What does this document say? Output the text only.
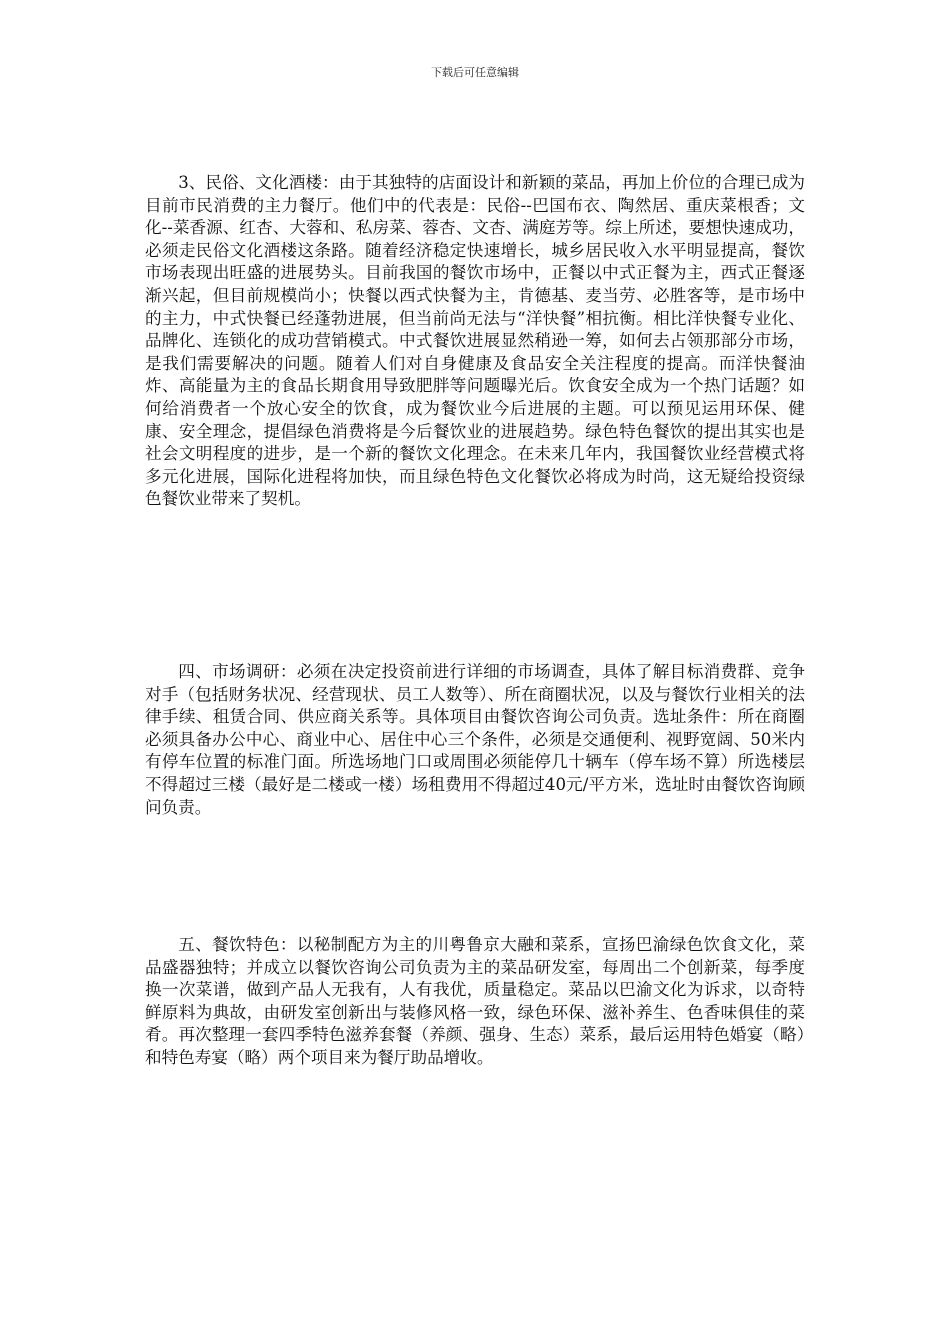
下载后可任意编辑

3、民俗、文化酒楼：由于其独特的店面设计和新颖的菜品，再加上价位的合理已成为目前市民消费的主力餐厅。他们中的代表是：民俗--巴国布衣、陶然居、重庆菜根香；文化--菜香源、红杏、大蓉和、私房菜、蓉杏、文杏、满庭芳等。综上所述，要想快速成功，必须走民俗文化酒楼这条路。随着经济稳定快速增长，城乡居民收入水平明显提高，餐饮市场表现出旺盛的进展势头。目前我国的餐饮市场中，正餐以中式正餐为主，西式正餐逐渐兴起，但目前规模尚小；快餐以西式快餐为主，肯德基、麦当劳、必胜客等，是市场中的主力，中式快餐已经蓬勃进展，但当前尚无法与“洋快餐”相抗衡。相比洋快餐专业化、品牌化、连锁化的成功营销模式。中式餐饮进展显然稍逊一筹，如何去占领那部分市场，是我们需要解决的问题。随着人们对自身健康及食品安全关注程度的提高。而洋快餐油炸、高能量为主的食品长期食用导致肥胖等问题曝光后。饮食安全成为一个热门话题？如何给消费者一个放心安全的饮食，成为餐饮业今后进展的主题。可以预见运用环保、健康、安全理念，提倡绿色消费将是今后餐饮业的进展趋势。绿色特色餐饮的提出其实也是社会文明程度的进步，是一个新的餐饮文化理念。在未来几年内，我国餐饮业经营模式将多元化进展，国际化进程将加快，而且绿色特色文化餐饮必将成为时尚，这无疑给投资绿色餐饮业带来了契机。

四、市场调研：必须在决定投资前进行详细的市场调查，具体了解目标消费群、竞争对手（包括财务状况、经营现状、员工人数等）、所在商圈状况，以及与餐饮行业相关的法律手续、租赁合同、供应商关系等。具体项目由餐饮咨询公司负责。选址条件：所在商圈必须具备办公中心、商业中心、居住中心三个条件，必须是交通便利、视野宽阔、50米内有停车位置的标准门面。所选场地门口或周围必须能停几十辆车（停车场不算）所选楼层不得超过三楼（最好是二楼或一楼）场租费用不得超过40元/平方米，选址时由餐饮咨询顾问负责。

五、餐饮特色：以秘制配方为主的川粤鲁京大融和菜系，宣扬巴渝绿色饮食文化，菜品盛器独特；并成立以餐饮咨询公司负责为主的菜品研发室，每周出二个创新菜，每季度换一次菜谱，做到产品人无我有，人有我优，质量稳定。菜品以巴渝文化为诉求，以奇特鲜原料为典故，由研发室创新出与装修风格一致，绿色环保、滋补养生、色香味俱佳的菜肴。再次整理一套四季特色滋养套餐（养颜、强身、生态）菜系，最后运用特色婚宴（略）和特色寿宴（略）两个项目来为餐厅助品增收。
